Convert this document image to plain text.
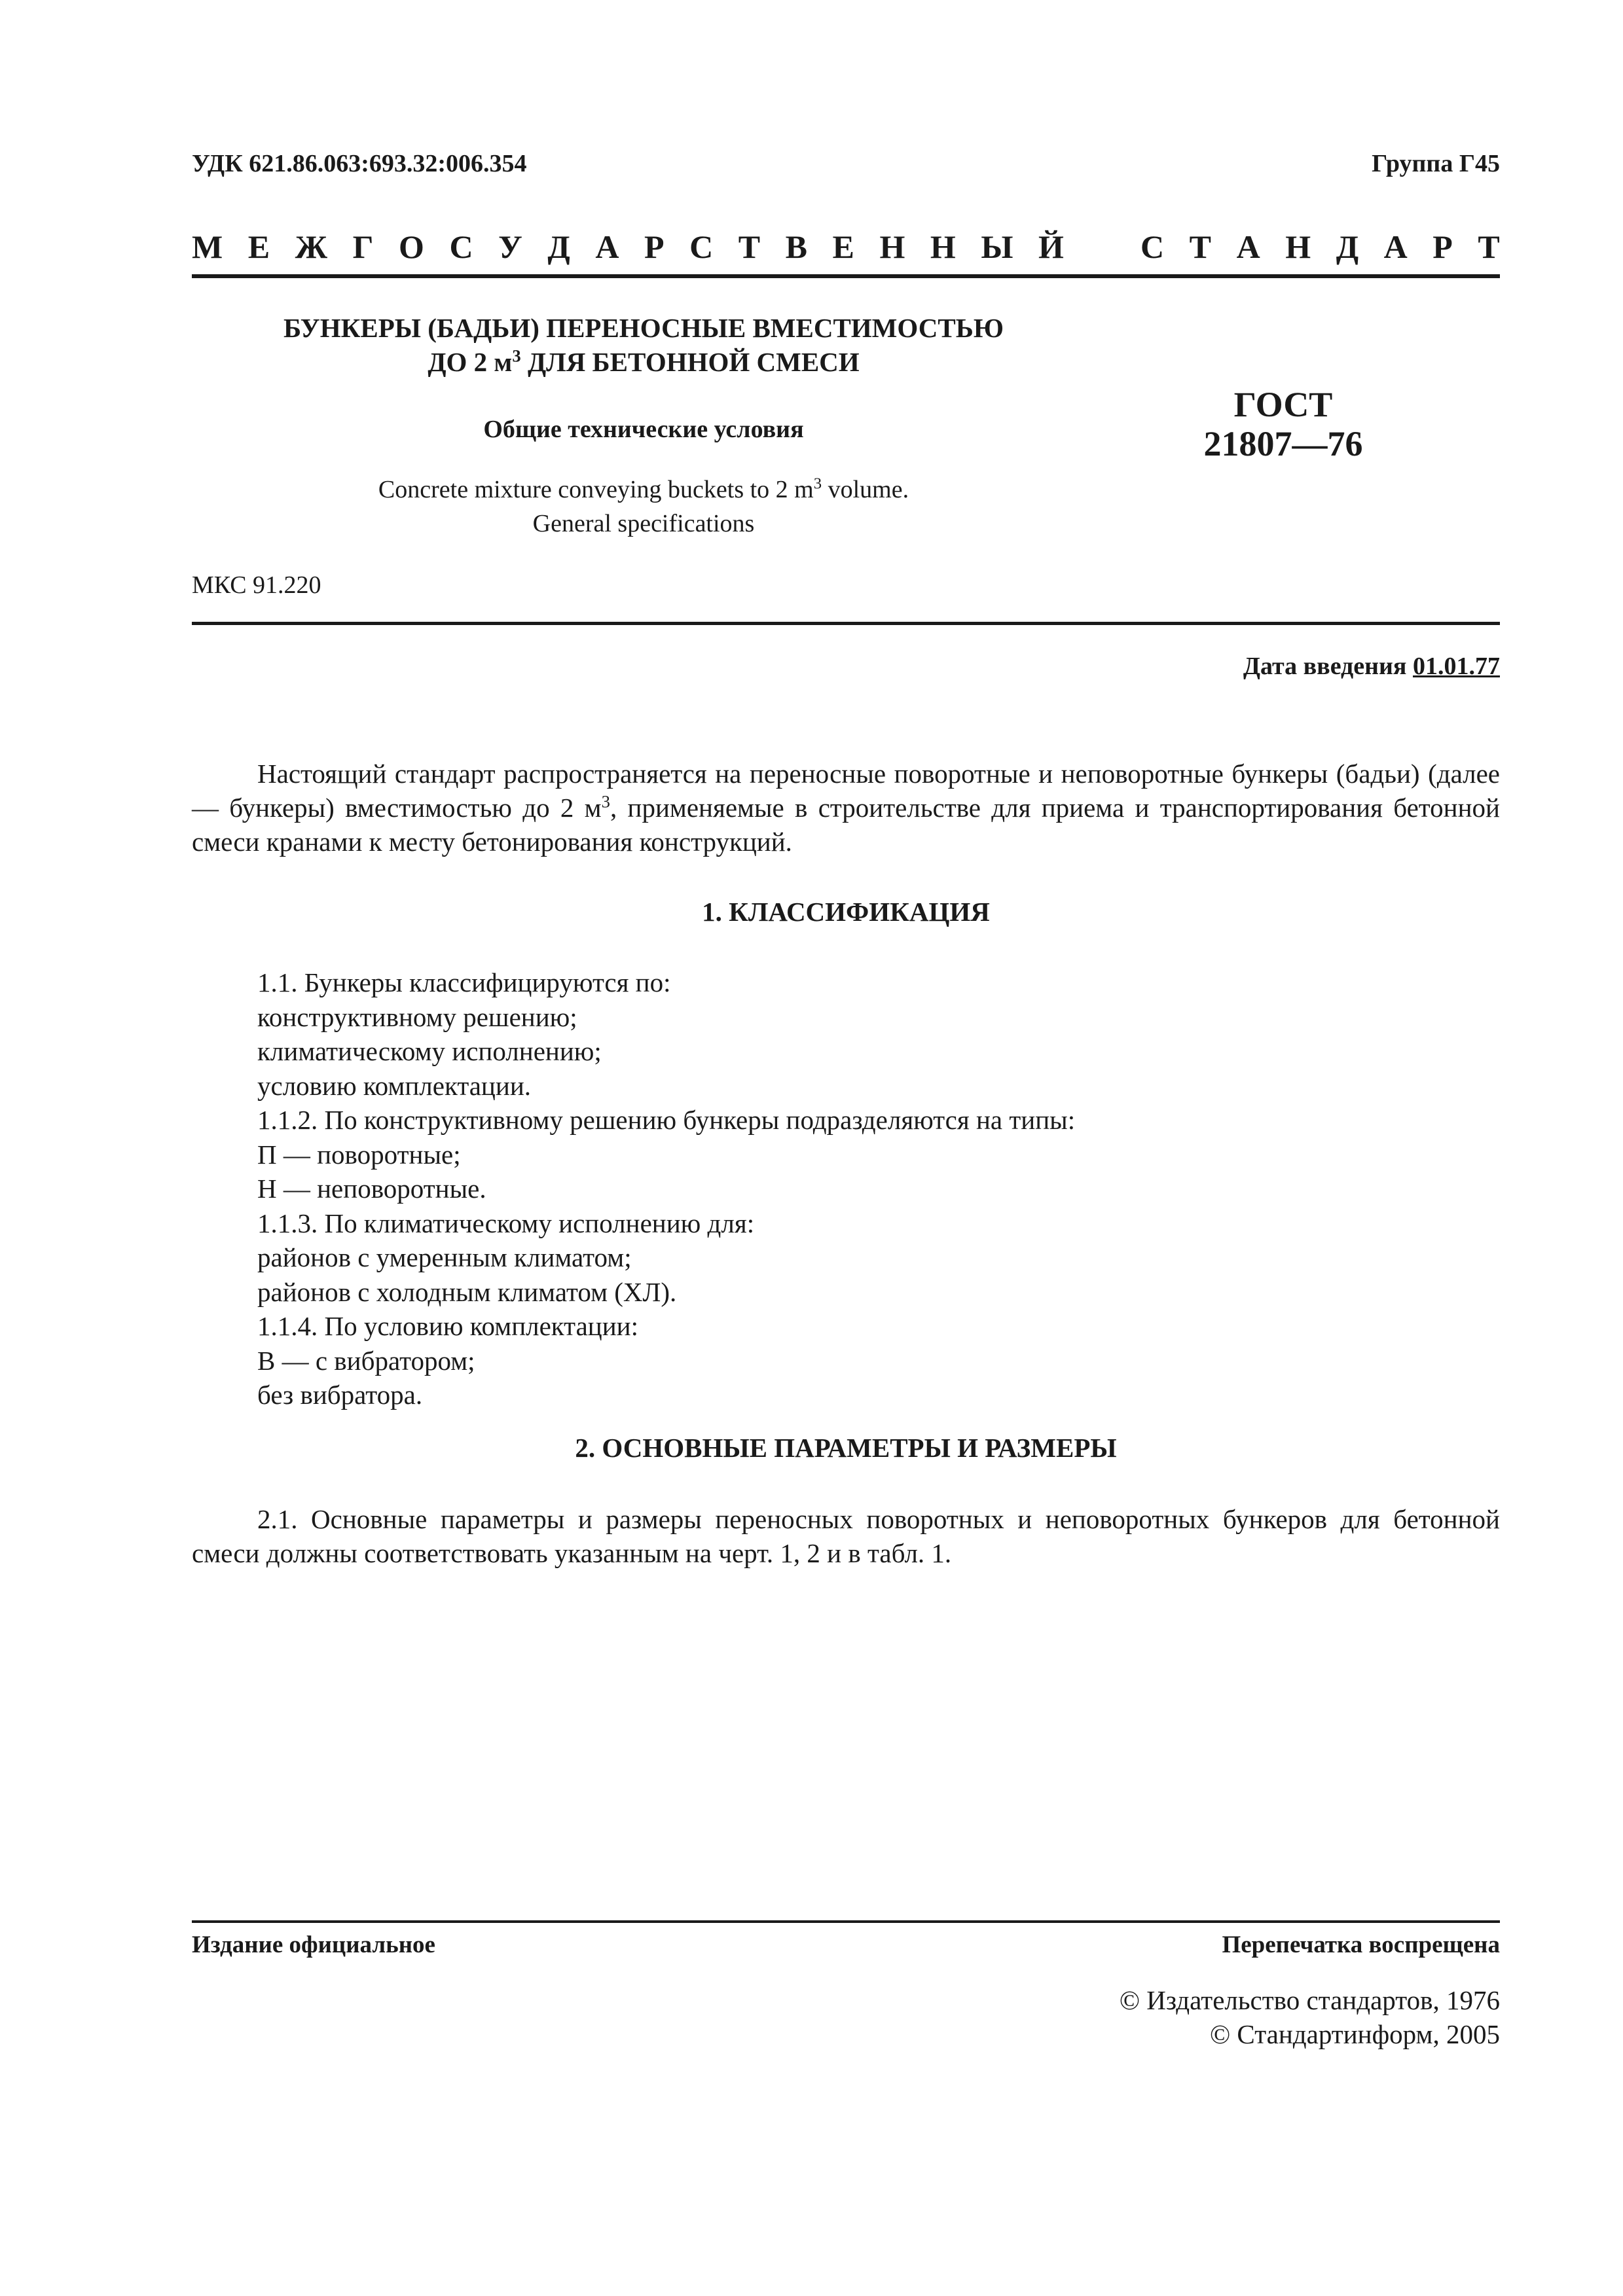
УДК 621.86.063:693.32:006.354	Группа Г45
М Е Ж Г О С У Д А Р С Т В Е Н Н Ы Й С Т А Н Д А Р Т
БУНКЕРЫ (БАДЬИ) ПЕРЕНОСНЫЕ ВМЕСТИМОСТЬЮ
ДО 2 $м^3$ ДЛЯ БЕТОННОЙ СМЕСИ
Общие технические условия
ГОСТ
21807—76
Concrete mixture conveying buckets to 2 $m^3$ volume.
General specifications
МКС 91.220
Дата введения 01.01.77
Настоящий стандарт распространяется на переносные поворотные и неповоротные бункеры (бадьи) (далее — бункеры) вместимостью до 2 $м^3$, применяемые в строительстве для приема и транспортирования бетонной смеси кранами к месту бетонирования конструкций.
1. КЛАССИФИКАЦИЯ
1.1. Бункеры классифицируются по:
конструктивному решению;
климатическому исполнению;
условию комплектации.
1.1.2. По конструктивному решению бункеры подразделяются на типы:
П — поворотные;
Н — неповоротные.
1.1.3. По климатическому исполнению для:
районов с умеренным климатом;
районов с холодным климатом (ХЛ).
1.1.4. По условию комплектации:
В — с вибратором;
без вибратора.
2. ОСНОВНЫЕ ПАРАМЕТРЫ И РАЗМЕРЫ
2.1. Основные параметры и размеры переносных поворотных и неповоротных бункеров для бетонной смеси должны соответствовать указанным на черт. 1, 2 и в табл. 1.
Издание официальное	Перепечатка воспрещена
© Издательство стандартов, 1976
© Стандартинформ, 2005
